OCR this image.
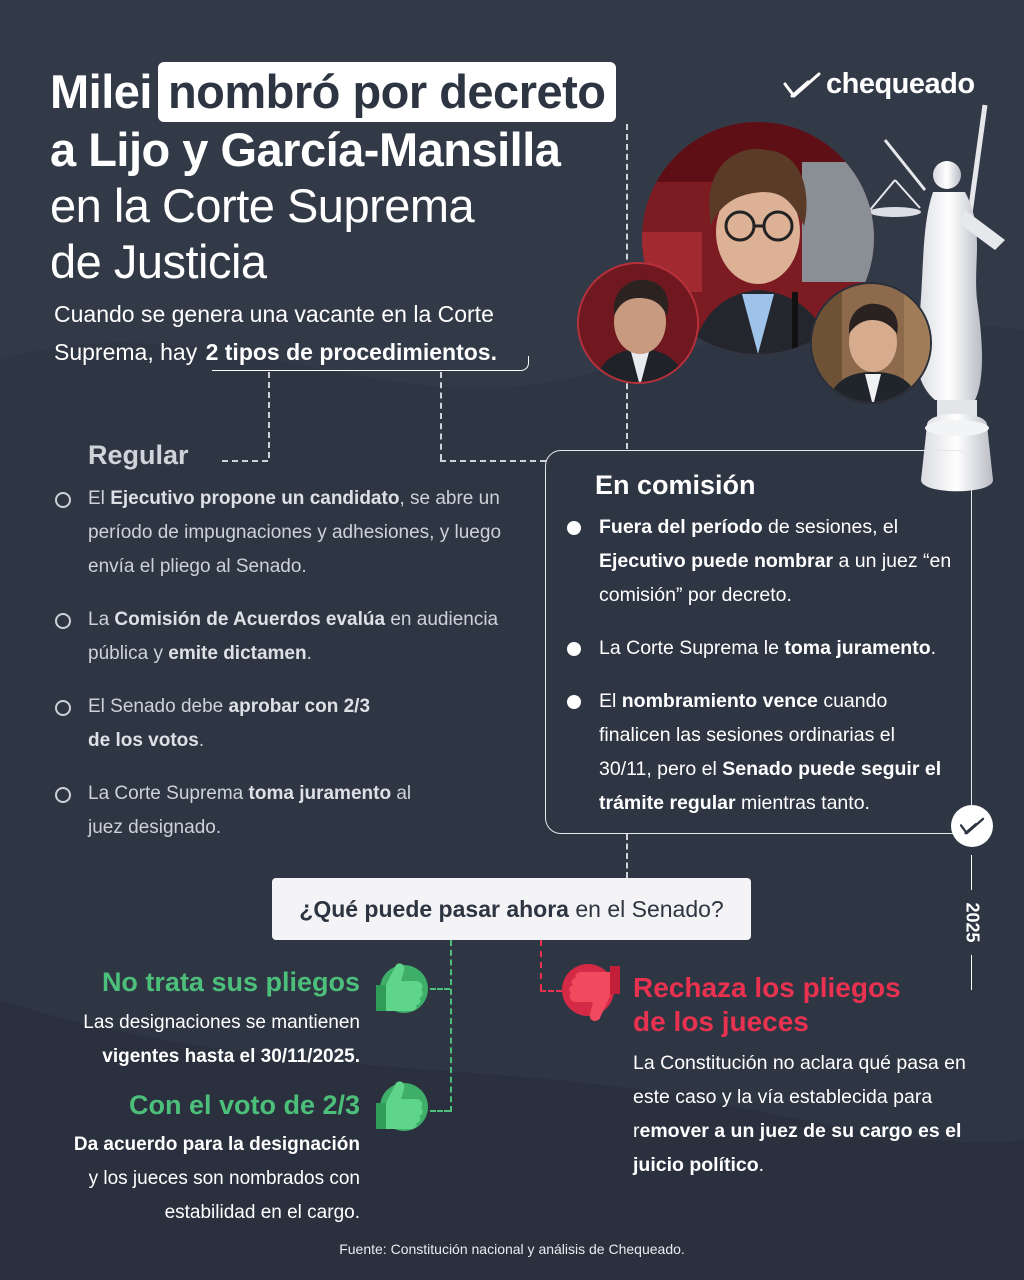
Milei nombró por decreto
a Lijo y García-Mansilla
en la Corte Suprema
de Justicia
Cuando se genera una vacante en la Corte Suprema, hay 2 tipos de procedimientos.
chequeado
Regular
El Ejecutivo propone un candidato, se abre un período de impugnaciones y adhesiones, y luego envía el pliego al Senado.
La Comisión de Acuerdos evalúa en audiencia pública y emite dictamen.
El Senado debe aprobar con 2/3 de los votos.
La Corte Suprema toma juramento al juez designado.
En comisión
Fuera del período de sesiones, el Ejecutivo puede nombrar a un juez “en comisión” por decreto.
La Corte Suprema le toma juramento.
El nombramiento vence cuando finalicen las sesiones ordinarias el 30/11, pero el Senado puede seguir el trámite regular mientras tanto.
2025
¿Qué puede pasar ahora en el Senado?
No trata sus pliegos
Las designaciones se mantienen
vigentes hasta el 30/11/2025.
Con el voto de 2/3
Da acuerdo para la designación
y los jueces son nombrados con estabilidad en el cargo.
Rechaza los pliegos de los jueces
La Constitución no aclara qué pasa en este caso y la vía establecida para remover a un juez de su cargo es el juicio político.
Fuente: Constitución nacional y análisis de Chequeado.
